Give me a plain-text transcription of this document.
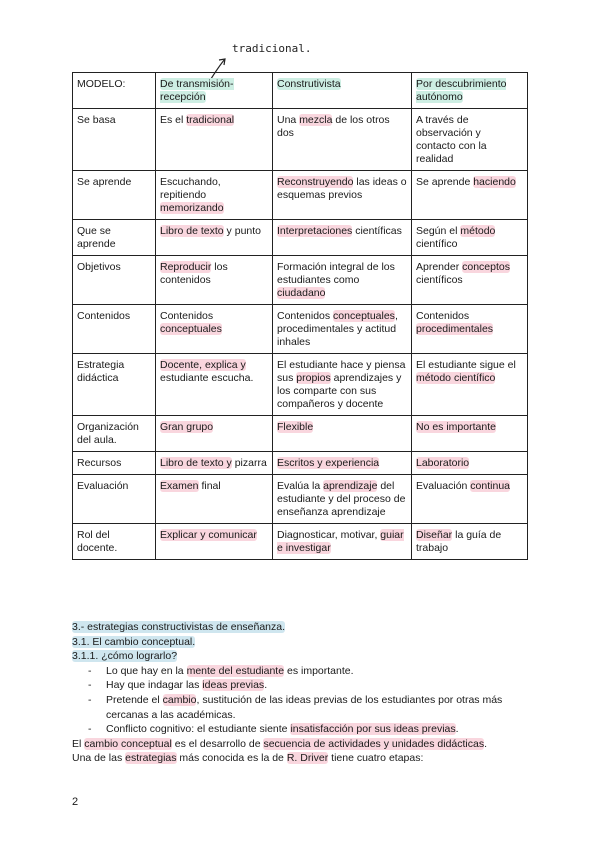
tradicional.
MODELO:	De transmisión-recepción	Construtivista	Por descubrimiento autónomo
Se basa	Es el tradicional	Una mezcla de los otros dos	A través de observación y contacto con la realidad
Se aprende	Escuchando, repitiendo memorizando	Reconstruyendo las ideas o esquemas previos	Se aprende haciendo
Que se aprende	Libro de texto y punto	Interpretaciones científicas	Según el método científico
Objetivos	Reproducir los contenidos	Formación integral de los estudiantes como ciudadano	Aprender conceptos científicos
Contenidos	Contenidos conceptuales	Contenidos conceptuales, procedimentales y actitud inhales	Contenidos procedimentales
Estrategia didáctica	Docente, explica y estudiante escucha.	El estudiante hace y piensa sus propios aprendizajes y los comparte con sus compañeros y docente	El estudiante sigue el método científico
Organización del aula.	Gran grupo	Flexible	No es importante
Recursos	Libro de texto y pizarra	Escritos y experiencia	Laboratorio
Evaluación	Examen final	Evalúa la aprendizaje del estudiante y del proceso de enseñanza aprendizaje	Evaluación continua
Rol del docente.	Explicar y comunicar	Diagnosticar, motivar, guiar e investigar	Diseñar la guía de trabajo

3.- estrategias constructivistas de enseñanza.

3.1. El cambio conceptual.

3.1.1. ¿cómo lograrlo?

- Lo que hay en la mente del estudiante es importante.
- Hay que indagar las ideas previas.
- Pretende el cambio, sustitución de las ideas previas de los estudiantes por otras más cercanas a las académicas.
- Conflicto cognitivo: el estudiante siente insatisfacción por sus ideas previas.

El cambio conceptual es el desarrollo de secuencia de actividades y unidades didácticas.

Una de las estrategias más conocida es la de R. Driver tiene cuatro etapas:

2
